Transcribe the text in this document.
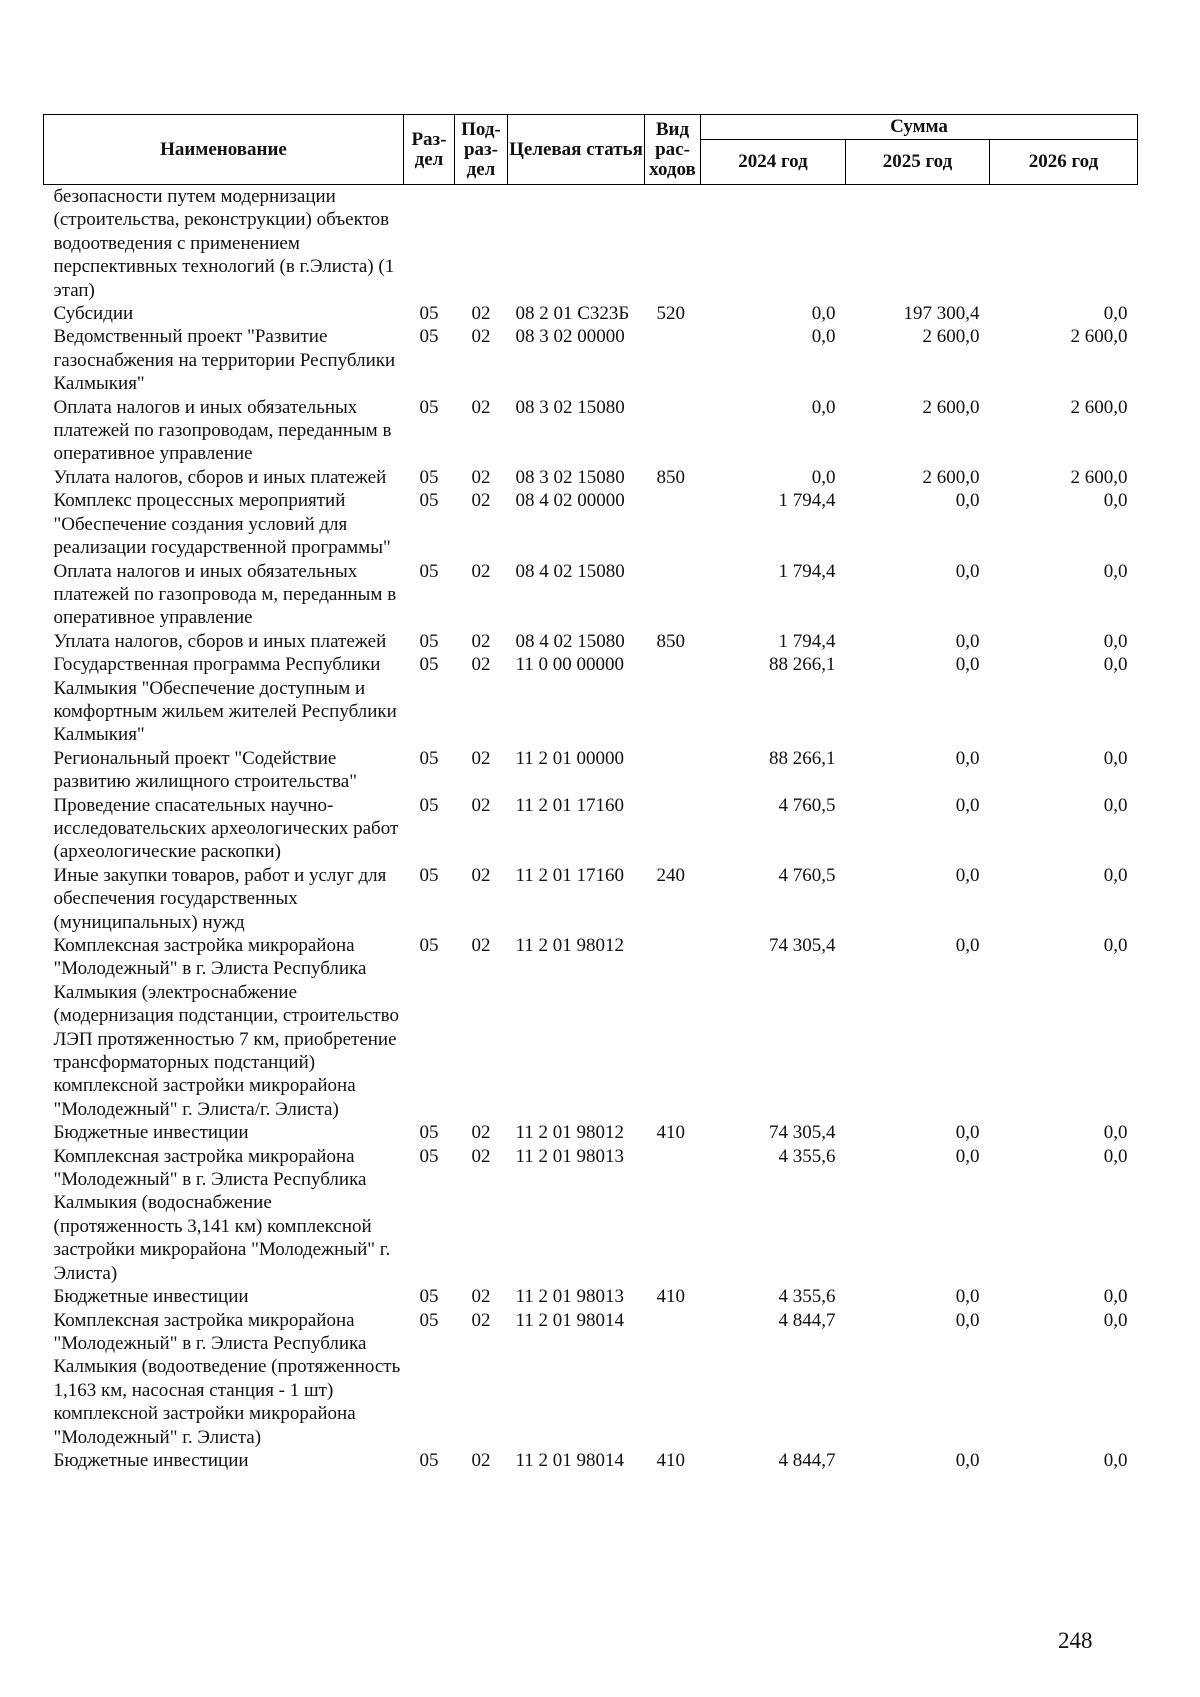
Наименование	Раз-дел	Под-раз-дел	Целевая статья	Вид рас-ходов	Сумма		
					2024 год	2025 год	2026 год
безопасности путем модернизации (строительства, реконструкции) объектов водоотведения с применением перспективных технологий (в г.Элиста) (1 этап)							
Субсидии	05	02	08 2 01 С323Б	520	0,0	197 300,4	0,0
Ведомственный проект "Развитие газоснабжения на территории Республики Калмыкия"	05	02	08 3 02 00000		0,0	2 600,0	2 600,0
Оплата налогов и иных обязательных платежей по газопроводам, переданным в оперативное управление	05	02	08 3 02 15080		0,0	2 600,0	2 600,0
Уплата налогов, сборов и иных платежей	05	02	08 3 02 15080	850	0,0	2 600,0	2 600,0
Комплекс процессных мероприятий "Обеспечение создания условий для реализации государственной программы"	05	02	08 4 02 00000		1 794,4	0,0	0,0
Оплата налогов и иных обязательных платежей по газопровода м, переданным в оперативное управление	05	02	08 4 02 15080		1 794,4	0,0	0,0
Уплата налогов, сборов и иных платежей	05	02	08 4 02 15080	850	1 794,4	0,0	0,0
Государственная программа Республики Калмыкия "Обеспечение доступным и комфортным жильем жителей Республики Калмыкия"	05	02	11 0 00 00000		88 266,1	0,0	0,0
Региональный проект "Содействие развитию жилищного строительства"	05	02	11 2 01 00000		88 266,1	0,0	0,0
Проведение спасательных научно-исследовательских археологических работ (археологические раскопки)	05	02	11 2 01 17160		4 760,5	0,0	0,0
Иные закупки товаров, работ и услуг для обеспечения государственных (муниципальных) нужд	05	02	11 2 01 17160	240	4 760,5	0,0	0,0
Комплексная застройка микрорайона "Молодежный" в г. Элиста Республика Калмыкия (электроснабжение (модернизация подстанции, строительство ЛЭП протяженностью 7 км, приобретение трансформаторных подстанций) комплексной застройки микрорайона "Молодежный" г. Элиста/г. Элиста)	05	02	11 2 01 98012		74 305,4	0,0	0,0
Бюджетные инвестиции	05	02	11 2 01 98012	410	74 305,4	0,0	0,0
Комплексная застройка микрорайона "Молодежный" в г. Элиста Республика Калмыкия (водоснабжение (протяженность 3,141 км) комплексной застройки микрорайона "Молодежный" г. Элиста)	05	02	11 2 01 98013		4 355,6	0,0	0,0
Бюджетные инвестиции	05	02	11 2 01 98013	410	4 355,6	0,0	0,0
Комплексная застройка микрорайона "Молодежный" в г. Элиста Республика Калмыкия (водоотведение (протяженность 1,163 км, насосная станция - 1 шт) комплексной застройки микрорайона "Молодежный" г. Элиста)	05	02	11 2 01 98014		4 844,7	0,0	0,0
Бюджетные инвестиции	05	02	11 2 01 98014	410	4 844,7	0,0	0,0
248
